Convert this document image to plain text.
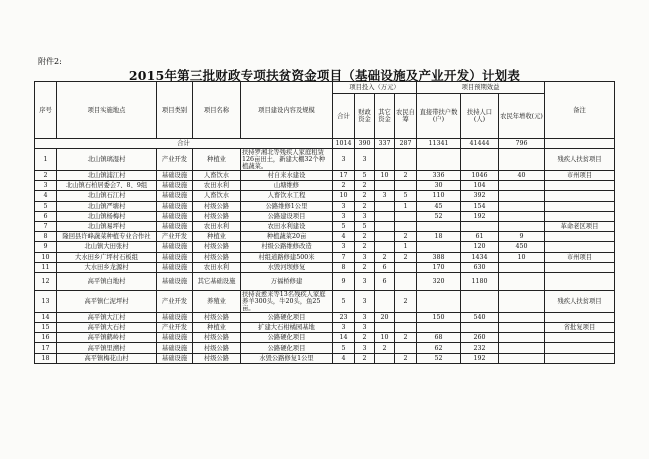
附件2:
2015年第三批财政专项扶贫资金项目（基础设施及产业开发）计划表
序号	项目实施地点	项目类别	项目名称	项目建设内容及规模	项目投入（万元）				项目预期效益			备注
					合计	财政资金	其它资金	农民自筹	直接带扶户数(户)	扶持人口(人)	农民年增收(元)	
合计					1014	390	337	287	11341	41444	796	
1	北山镇璃湿村	产业开发	种植业	扶持罗湘北等残疾人家庭租赁126亩田土，新建大棚32个种植蔬菜。	3	3						残疾人扶贫项目
2	北山镇浦江村	基础设施	人畜饮水	村自来水建设	17	5	10	2	336	1046	40	市州项目
3	北山镇石柏居委会7、8、9组	基础设施	农田水利	山塘维修	2	2			30	104		
4	北山镇石江村	基础设施	人畜饮水	人畜饮水工程	10	2	3	5	110	392		
5	北山镇严塘村	基础设施	村级公路	公路维修1公里	3	2		1	45	154		
6	北山镇杨梅村	基础设施	村级公路	公路建设项目	3	3			52	192		
7	北山镇易坪村	基础设施	农田水利	农田水利建设	5	5						革命老区项目
8	隆回县许峰蔬菜种植专业合作社	产业开发	种植业	种植蔬菜20亩	4	2		2	18	61	9	
9	北山镇大田张村	基础设施	村级公路	村级公路维修改造	3	2		1		120	450	
10	大水田乡广坪村石板组	基础设施	村级公路	村组道路修建500米	7	3	2	2	388	1434	10	市州项目
11	大水田乡龙源村	基础设施	农田水利	水毁河坝修复	8	2	6		170	630		
12	高平镇白地村	基础设施	其它基础设施	万福桥修建	9	3	6		320	1180		
13	高平镇仁泥坪村	产业开发	养殖业	扶持袁愈来等13名残疾人家庭养羊300头，牛20头，鱼25亩。	5	3		2				残疾人扶贫项目
14	高平镇大江村	基础设施	村级公路	公路硬化项目	23	3	20		150	540		
15	高平镇大石村	产业开发	种植业	扩建大石柑橘园基地	3	3						省批复项目
16	高平镇鹤岭村	基础设施	村级公路	公路硬化项目	14	2	10	2	68	260		
17	高平镇里溯村	基础设施	村级公路	公路硬化项目	5	3	2		62	232		
18	高平镇梅花山村	基础设施	村级公路	水毁公路修复1公里	4	2		2	52	192		
